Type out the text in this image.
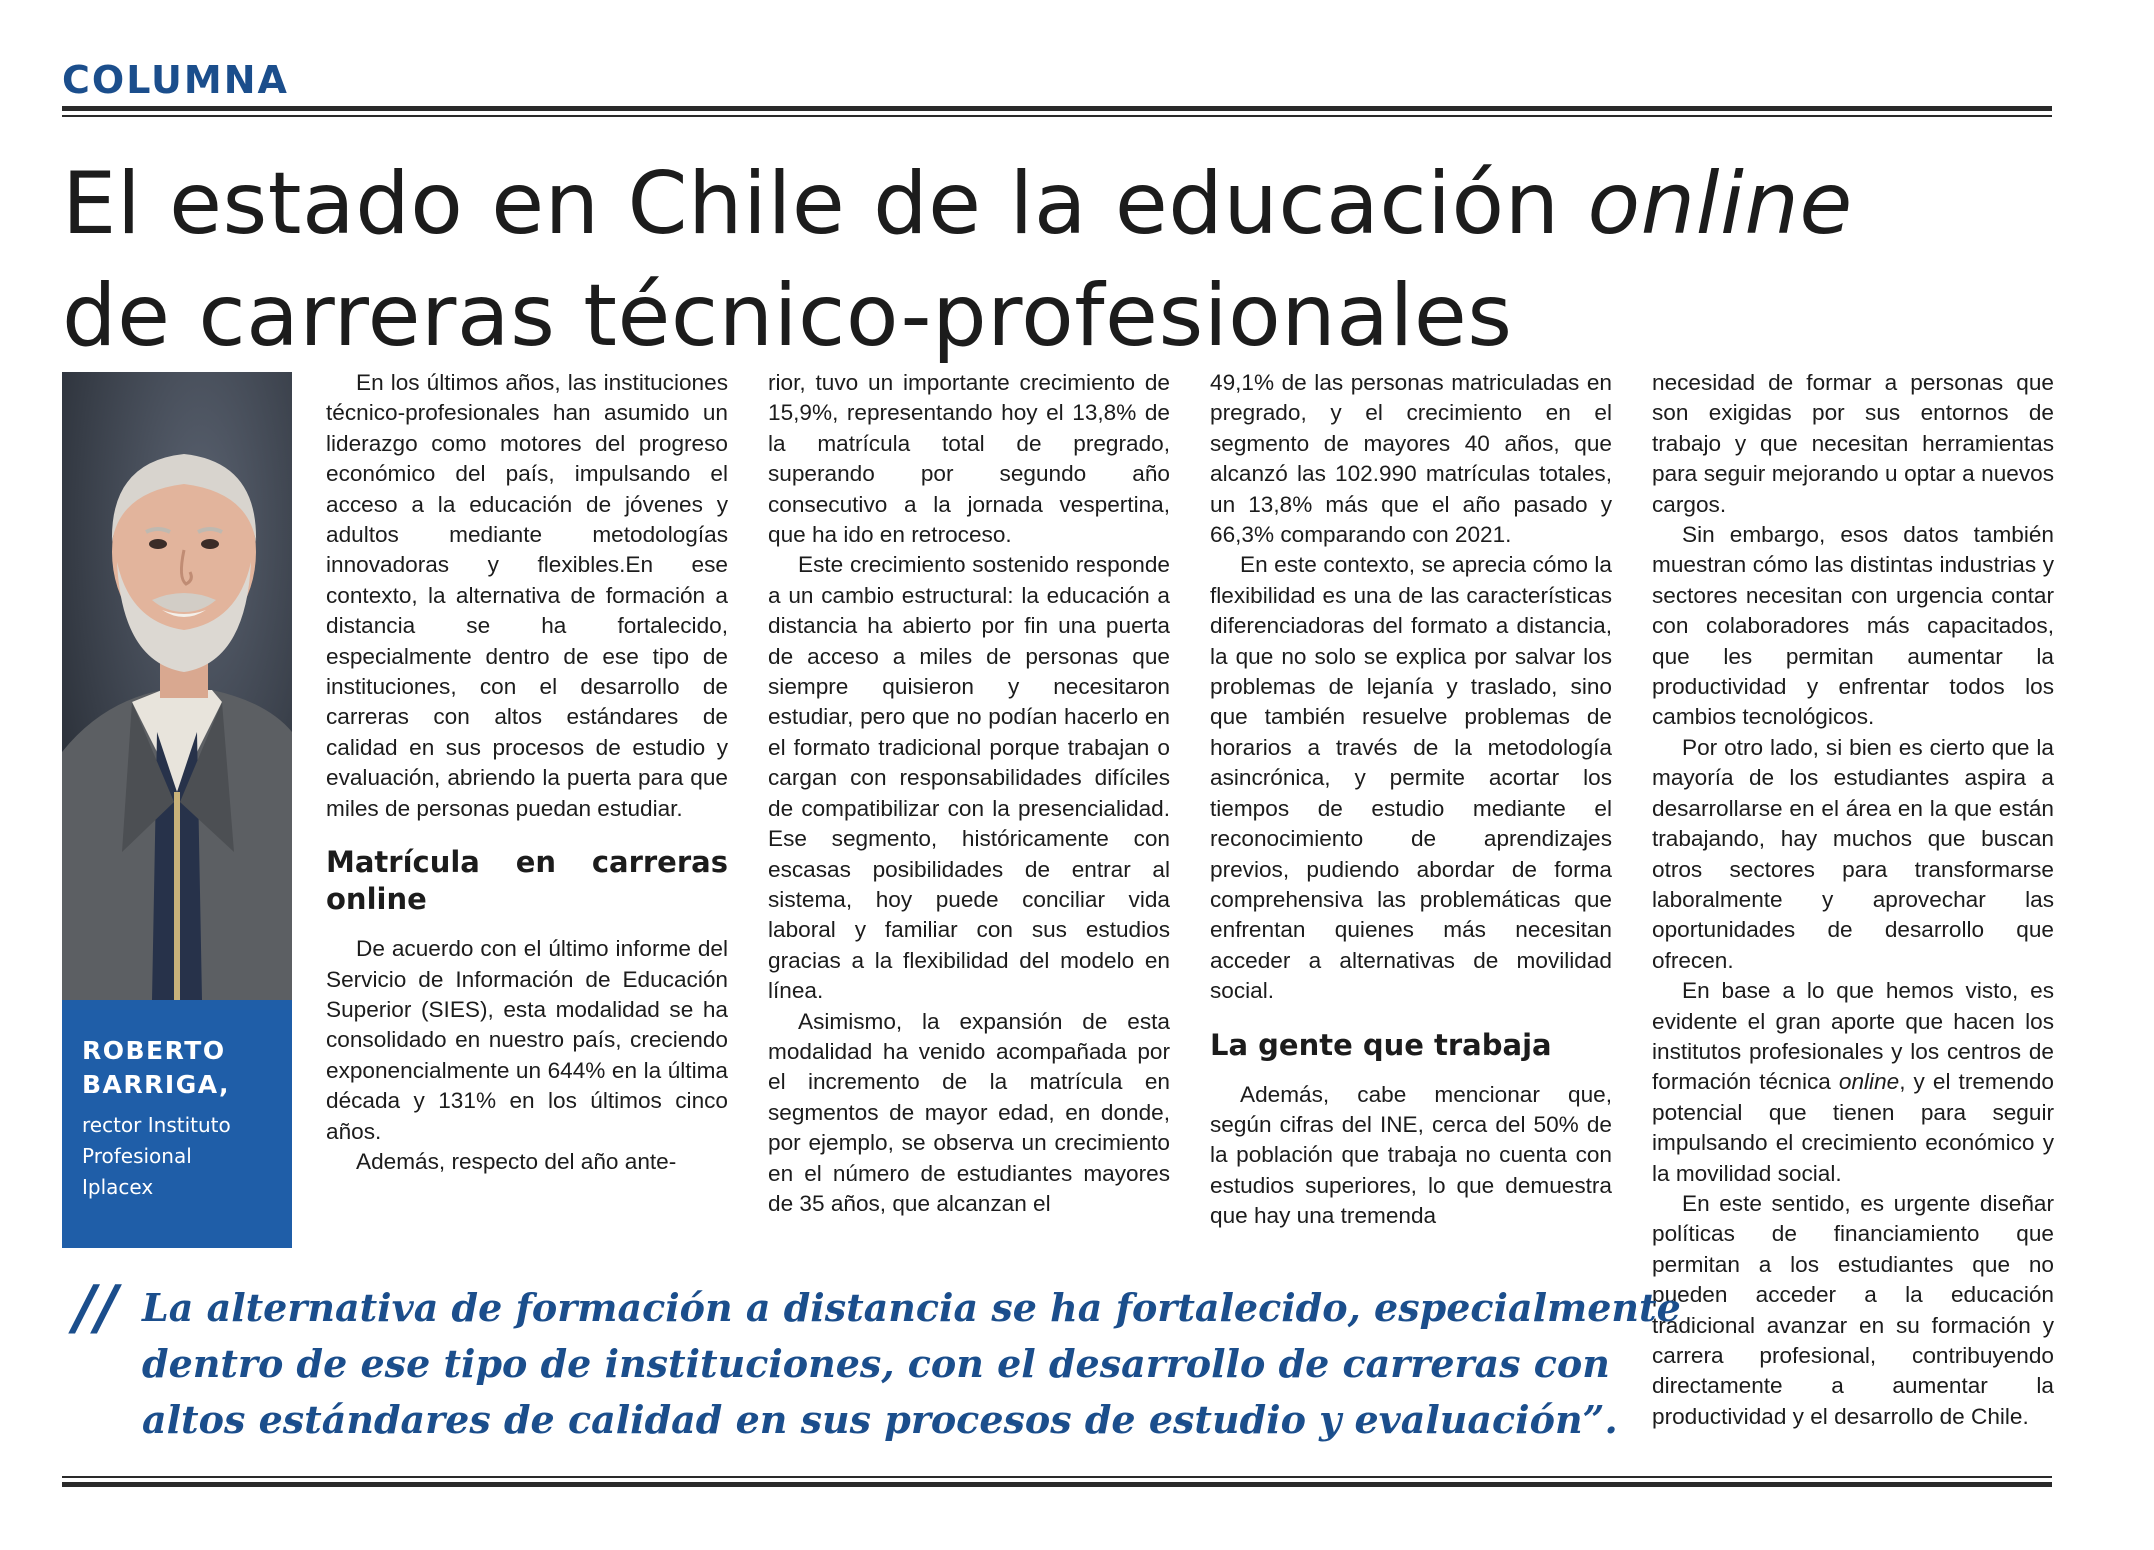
COLUMNA
El estado en Chile de la educación online
de carreras técnico-profesionales
ROBERTO
BARRIGA,
rector Instituto
Profesional
Iplacex

En los últimos años, las instituciones técnico-profesionales han asumido un liderazgo como motores del progreso económico del país, impulsando el acceso a la educación de jóvenes y adultos mediante metodologías innovadoras y flexibles.En ese contexto, la alternativa de formación a distancia se ha fortalecido, especialmente dentro de ese tipo de instituciones, con el desarrollo de carreras con altos estándares de calidad en sus procesos de estudio y evaluación, abriendo la puerta para que miles de personas puedan estudiar.

Matrícula en carreras online

De acuerdo con el último informe del Servicio de Información de Educación Superior (SIES), esta modalidad se ha consolidado en nuestro país, creciendo exponencialmente un 644% en la última década y 131% en los últimos cinco años.

Además, respecto del año ante-

rior, tuvo un importante crecimiento de 15,9%, representando hoy el 13,8% de la matrícula total de pregrado, superando por segundo año consecutivo a la jornada vespertina, que ha ido en retroceso.

Este crecimiento sostenido responde a un cambio estructural: la educación a distancia ha abierto por fin una puerta de acceso a miles de personas que siempre quisieron y necesitaron estudiar, pero que no podían hacerlo en el formato tradicional porque trabajan o cargan con responsabilidades difíciles de compatibilizar con la presencialidad. Ese segmento, históricamente con escasas posibilidades de entrar al sistema, hoy puede conciliar vida laboral y familiar con sus estudios gracias a la flexibilidad del modelo en línea.

Asimismo, la expansión de esta modalidad ha venido acompañada por el incremento de la matrícula en segmentos de mayor edad, en donde, por ejemplo, se observa un crecimiento en el número de estudiantes mayores de 35 años, que alcanzan el

49,1% de las personas matriculadas en pregrado, y el crecimiento en el segmento de mayores 40 años, que alcanzó las 102.990 matrículas totales, un 13,8% más que el año pasado y 66,3% comparando con 2021.

En este contexto, se aprecia cómo la flexibilidad es una de las características diferenciadoras del formato a distancia, la que no solo se explica por salvar los problemas de lejanía y traslado, sino que también resuelve problemas de horarios a través de la metodología asincrónica, y permite acortar los tiempos de estudio mediante el reconocimiento de aprendizajes previos, pudiendo abordar de forma comprehensiva las problemáticas que enfrentan quienes más necesitan acceder a alternativas de movilidad social.

La gente que trabaja

Además, cabe mencionar que, según cifras del INE, cerca del 50% de la población que trabaja no cuenta con estudios superiores, lo que demuestra que hay una tremenda

necesidad de formar a personas que son exigidas por sus entornos de trabajo y que necesitan herramientas para seguir mejorando u optar a nuevos cargos.

Sin embargo, esos datos también muestran cómo las distintas industrias y sectores necesitan con urgencia contar con colaboradores más capacitados, que les permitan aumentar la productividad y enfrentar todos los cambios tecnológicos.

Por otro lado, si bien es cierto que la mayoría de los estudiantes aspira a desarrollarse en el área en la que están trabajando, hay muchos que buscan otros sectores para transformarse laboralmente y aprovechar las oportunidades de desarrollo que ofrecen.

En base a lo que hemos visto, es evidente el gran aporte que hacen los institutos profesionales y los centros de formación técnica online, y el tremendo potencial que tienen para seguir impulsando el crecimiento económico y la movilidad social.

En este sentido, es urgente diseñar políticas de financiamiento que permitan a los estudiantes que no pueden acceder a la educación tradicional avanzar en su formación y carrera profesional, contribuyendo directamente a aumentar la productividad y el desarrollo de Chile.

// La alternativa de formación a distancia se ha fortalecido, especialmente dentro de ese tipo de instituciones, con el desarrollo de carreras con altos estándares de calidad en sus procesos de estudio y evaluación”.
